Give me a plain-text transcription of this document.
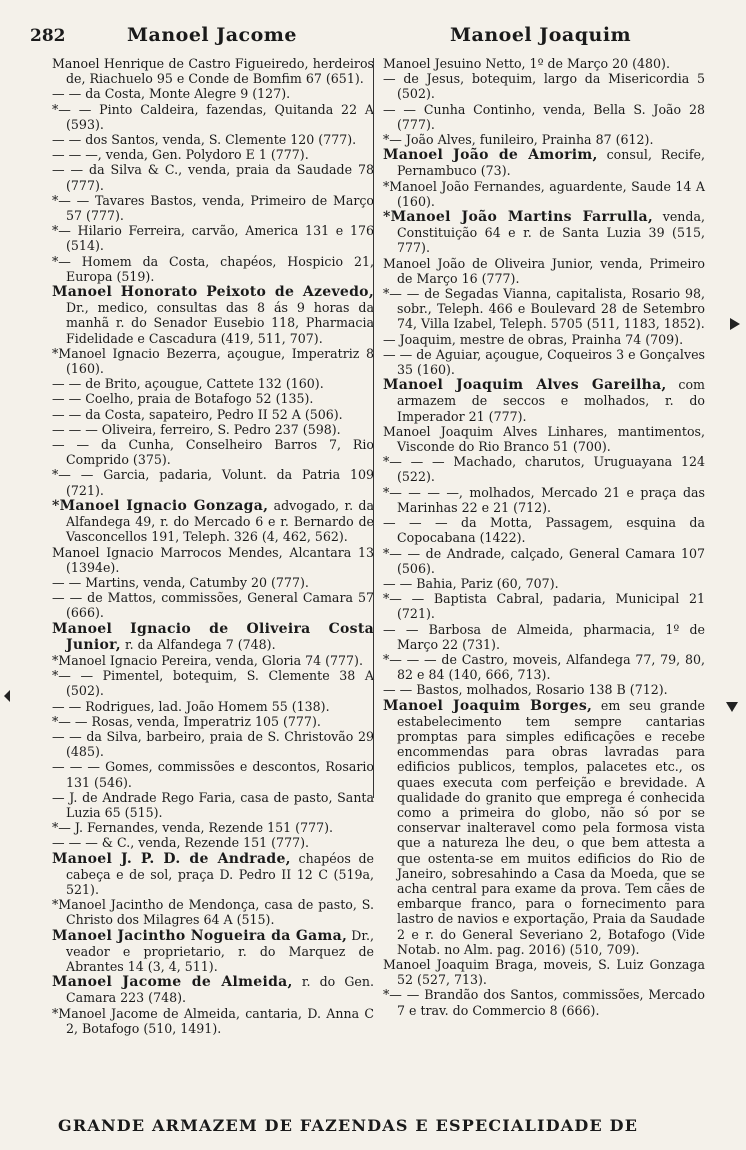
282	Manoel Jacome	Manoel Joaquim
Manoel Henrique de Castro Figueiredo, herdeiros de, Riachuelo 95 e Conde de Bomfim 67 (651).
— — da Costa, Monte Alegre 9 (127).
*— — Pinto Caldeira, fazendas, Quitanda 22 A (593).
— — dos Santos, venda, S. Clemente 120 (777).
— — —, venda, Gen. Polydoro E 1 (777).
— — da Silva & C., venda, praia da Saudade 78 (777).
*— — Tavares Bastos, venda, Primeiro de Março 57 (777).
*— Hilario Ferreira, carvão, America 131 e 176 (514).
*— Homem da Costa, chapéos, Hospicio 21, Europa (519).
Manoel Honorato Peixoto de Azevedo, Dr., medico, consultas das 8 ás 9 horas da manhã r. do Senador Eusebio 118, Pharmacia Fidelidade e Cascadura (419, 511, 707).
*Manoel Ignacio Bezerra, açougue, Imperatriz 8 (160).
— — de Brito, açougue, Cattete 132 (160).
— — Coelho, praia de Botafogo 52 (135).
— — da Costa, sapateiro, Pedro II 52 A (506).
— — — Oliveira, ferreiro, S. Pedro 237 (598).
— — da Cunha, Conselheiro Barros 7, Rio Comprido (375).
*— — Garcia, padaria, Volunt. da Patria 109 (721).
*Manoel Ignacio Gonzaga, advogado, r. da Alfandega 49, r. do Mercado 6 e r. Bernardo de Vasconcellos 191, Teleph. 326 (4, 462, 562).
Manoel Ignacio Marrocos Mendes, Alcantara 13 (1394e).
— — Martins, venda, Catumby 20 (777).
— — de Mattos, commissões, General Camara 57 (666).
Manoel Ignacio de Oliveira Costa Junior, r. da Alfandega 7 (748).
*Manoel Ignacio Pereira, venda, Gloria 74 (777).
*— — Pimentel, botequim, S. Clemente 38 A (502).
— — Rodrigues, lad. João Homem 55 (138).
*— — Rosas, venda, Imperatriz 105 (777).
— — da Silva, barbeiro, praia de S. Christovão 29 (485).
— — — Gomes, commissões e descontos, Rosario 131 (546).
— J. de Andrade Rego Faria, casa de pasto, Santa Luzia 65 (515).
*— J. Fernandes, venda, Rezende 151 (777).
— — — & C., venda, Rezende 151 (777).
Manoel J. P. D. de Andrade, chapéos de cabeça e de sol, praça D. Pedro II 12 C (519a, 521).
*Manoel Jacintho de Mendonça, casa de pasto, S. Christo dos Milagres 64 A (515).
Manoel Jacintho Nogueira da Gama, Dr., veador e proprietario, r. do Marquez de Abrantes 14 (3, 4, 511).
Manoel Jacome de Almeida, r. do Gen. Camara 223 (748).
*Manoel Jacome de Almeida, cantaria, D. Anna C 2, Botafogo (510, 1491).
Manoel Jesuino Netto, 1º de Março 20 (480).
— de Jesus, botequim, largo da Misericordia 5 (502).
— — Cunha Continho, venda, Bella S. João 28 (777).
*— João Alves, funileiro, Prainha 87 (612).
Manoel João de Amorim, consul, Recife, Pernambuco (73).
*Manoel João Fernandes, aguardente, Saude 14 A (160).
*Manoel João Martins Farrulla, venda, Constituição 64 e r. de Santa Luzia 39 (515, 777).
Manoel João de Oliveira Junior, venda, Primeiro de Março 16 (777).
*— — de Segadas Vianna, capitalista, Rosario 98, sobr., Teleph. 466 e Boulevard 28 de Setembro 74, Villa Izabel, Teleph. 5705 (511, 1183, 1852).
— Joaquim, mestre de obras, Prainha 74 (709).
— — de Aguiar, açougue, Coqueiros 3 e Gonçalves 35 (160).
Manoel Joaquim Alves Gareilha, com armazem de seccos e molhados, r. do Imperador 21 (777).
Manoel Joaquim Alves Linhares, mantimentos, Visconde do Rio Branco 51 (700).
*— — — Machado, charutos, Uruguayana 124 (522).
*— — — —, molhados, Mercado 21 e praça das Marinhas 22 e 21 (712).
— — — da Motta, Passagem, esquina da Copocabana (1422).
*— — de Andrade, calçado, General Camara 107 (506).
— — Bahia, Pariz (60, 707).
*— — Baptista Cabral, padaria, Municipal 21 (721).
— — Barbosa de Almeida, pharmacia, 1º de Março 22 (731).
*— — — de Castro, moveis, Alfandega 77, 79, 80, 82 e 84 (140, 666, 713).
— — Bastos, molhados, Rosario 138 B (712).
Manoel Joaquim Borges, em seu grande estabelecimento tem sempre cantarias promptas para simples edificações e recebe encommendas para obras lavradas para edificios publicos, templos, palacetes etc., os quaes executa com perfeição e brevidade. A qualidade do granito que emprega é conhecida como a primeira do globo, não só por se conservar inalteravel como pela formosa vista que a natureza lhe deu, o que bem attesta a que ostenta-se em muitos edificios do Rio de Janeiro, sobresahindo a Casa da Moeda, que se acha central para exame da prova. Tem cães de embarque franco, para o fornecimento para lastro de navios e exportação, Praia da Saudade 2 e r. do General Severiano 2, Botafogo (Vide Notab. no Alm. pag. 2016) (510, 709).
Manoel Joaquim Braga, moveis, S. Luiz Gonzaga 52 (527, 713).
*— — Brandão dos Santos, commissões, Mercado 7 e trav. do Commercio 8 (666).
GRANDE ARMAZEM DE FAZENDAS E ESPECIALIDADE DE
